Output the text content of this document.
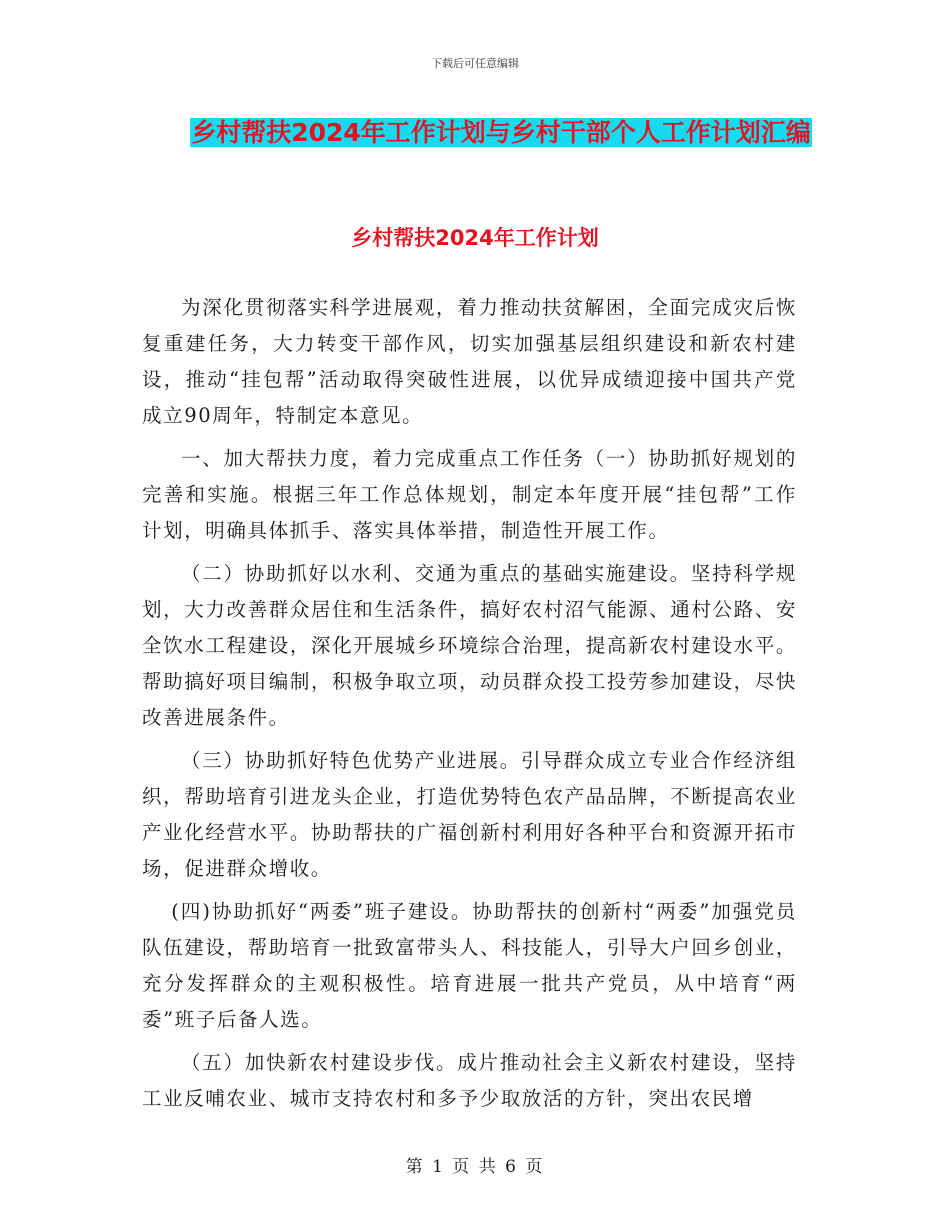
下载后可任意编辑
乡村帮扶2024年工作计划与乡村干部个人工作计划汇编
乡村帮扶2024年工作计划

为深化贯彻落实科学进展观，着力推动扶贫解困，全面完成灾后恢复重建任务，大力转变干部作风，切实加强基层组织建设和新农村建设，推动“挂包帮”活动取得突破性进展，以优异成绩迎接中国共产党成立90周年，特制定本意见。

一、加大帮扶力度，着力完成重点工作任务（一）协助抓好规划的完善和实施。根据三年工作总体规划，制定本年度开展“挂包帮”工作计划，明确具体抓手、落实具体举措，制造性开展工作。

（二）协助抓好以水利、交通为重点的基础实施建设。坚持科学规划，大力改善群众居住和生活条件，搞好农村沼气能源、通村公路、安全饮水工程建设，深化开展城乡环境综合治理，提高新农村建设水平。帮助搞好项目编制，积极争取立项，动员群众投工投劳参加建设，尽快改善进展条件。

（三）协助抓好特色优势产业进展。引导群众成立专业合作经济组织，帮助培育引进龙头企业，打造优势特色农产品品牌，不断提高农业产业化经营水平。协助帮扶的广福创新村利用好各种平台和资源开拓市场，促进群众增收。

(四)协助抓好“两委”班子建设。协助帮扶的创新村“两委”加强党员队伍建设，帮助培育一批致富带头人、科技能人，引导大户回乡创业，充分发挥群众的主观积极性。培育进展一批共产党员，从中培育“两委”班子后备人选。

（五）加快新农村建设步伐。成片推动社会主义新农村建设，坚持工业反哺农业、城市支持农村和多予少取放活的方针，突出农民增

第 1 页 共 6 页
